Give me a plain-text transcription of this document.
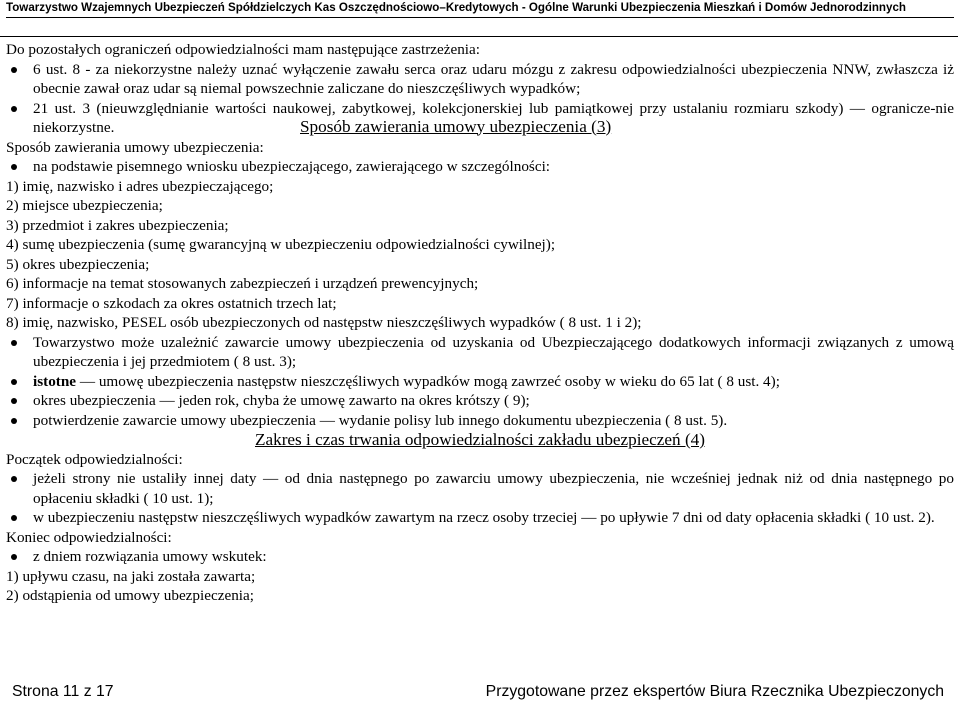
Towarzystwo Wzajemnych Ubezpieczeń Spółdzielczych Kas Oszczędnościowo–Kredytowych - Ogólne Warunki Ubezpieczenia Mieszkań i Domów Jednorodzinnych

Do pozostałych ograniczeń odpowiedzialności mam następujące zastrzeżenia:

6 ust. 8 - za niekorzystne należy uznać wyłączenie zawału serca oraz udaru mózgu z zakresu odpowiedzialności ubezpieczenia NNW, zwłaszcza iż obecnie zawał oraz udar są niemal powszechnie zaliczane do nieszczęśliwych wypadków;
21 ust. 3 (nieuwzględnianie wartości naukowej, zabytkowej, kolekcjonerskiej lub pamiątkowej przy ustalaniu rozmiaru szkody) — ogranicze-nie niekorzystne.	Sposób zawierania umowy ubezpieczenia (3)

Sposób zawierania umowy ubezpieczenia:

na podstawie pisemnego wniosku ubezpieczającego, zawierającego w szczególności:

1) imię, nazwisko i adres ubezpieczającego;

2) miejsce ubezpieczenia;

3) przedmiot i zakres ubezpieczenia;

4) sumę ubezpieczenia (sumę gwarancyjną w ubezpieczeniu odpowiedzialności cywilnej);

5) okres ubezpieczenia;

6) informacje na temat stosowanych zabezpieczeń i urządzeń prewencyjnych;

7) informacje o szkodach za okres ostatnich trzech lat;

8) imię, nazwisko, PESEL osób ubezpieczonych od następstw nieszczęśliwych wypadków ( 8 ust. 1 i 2);

Towarzystwo może uzależnić zawarcie umowy ubezpieczenia od uzyskania od Ubezpieczającego dodatkowych informacji związanych z umową ubezpieczenia i jej przedmiotem ( 8 ust. 3);
istotne — umowę ubezpieczenia następstw nieszczęśliwych wypadków mogą zawrzeć osoby w wieku do 65 lat ( 8 ust. 4);
okres ubezpieczenia — jeden rok, chyba że umowę zawarto na okres krótszy ( 9);
potwierdzenie zawarcie umowy ubezpieczenia — wydanie polisy lub innego dokumentu ubezpieczenia ( 8 ust. 5).

Zakres i czas trwania odpowiedzialności zakładu ubezpieczeń (4)

Początek odpowiedzialności:

jeżeli strony nie ustaliły innej daty — od dnia następnego po zawarciu umowy ubezpieczenia, nie wcześniej jednak niż od dnia następnego po opłaceniu składki ( 10 ust. 1);
w ubezpieczeniu następstw nieszczęśliwych wypadków zawartym na rzecz osoby trzeciej — po upływie 7 dni od daty opłacenia składki ( 10 ust. 2).

Koniec odpowiedzialności:

z dniem rozwiązania umowy wskutek:

1) upływu czasu, na jaki została zawarta;

2) odstąpienia od umowy ubezpieczenia;

Strona 11 z 17	Przygotowane przez ekspertów Biura Rzecznika Ubezpieczonych
